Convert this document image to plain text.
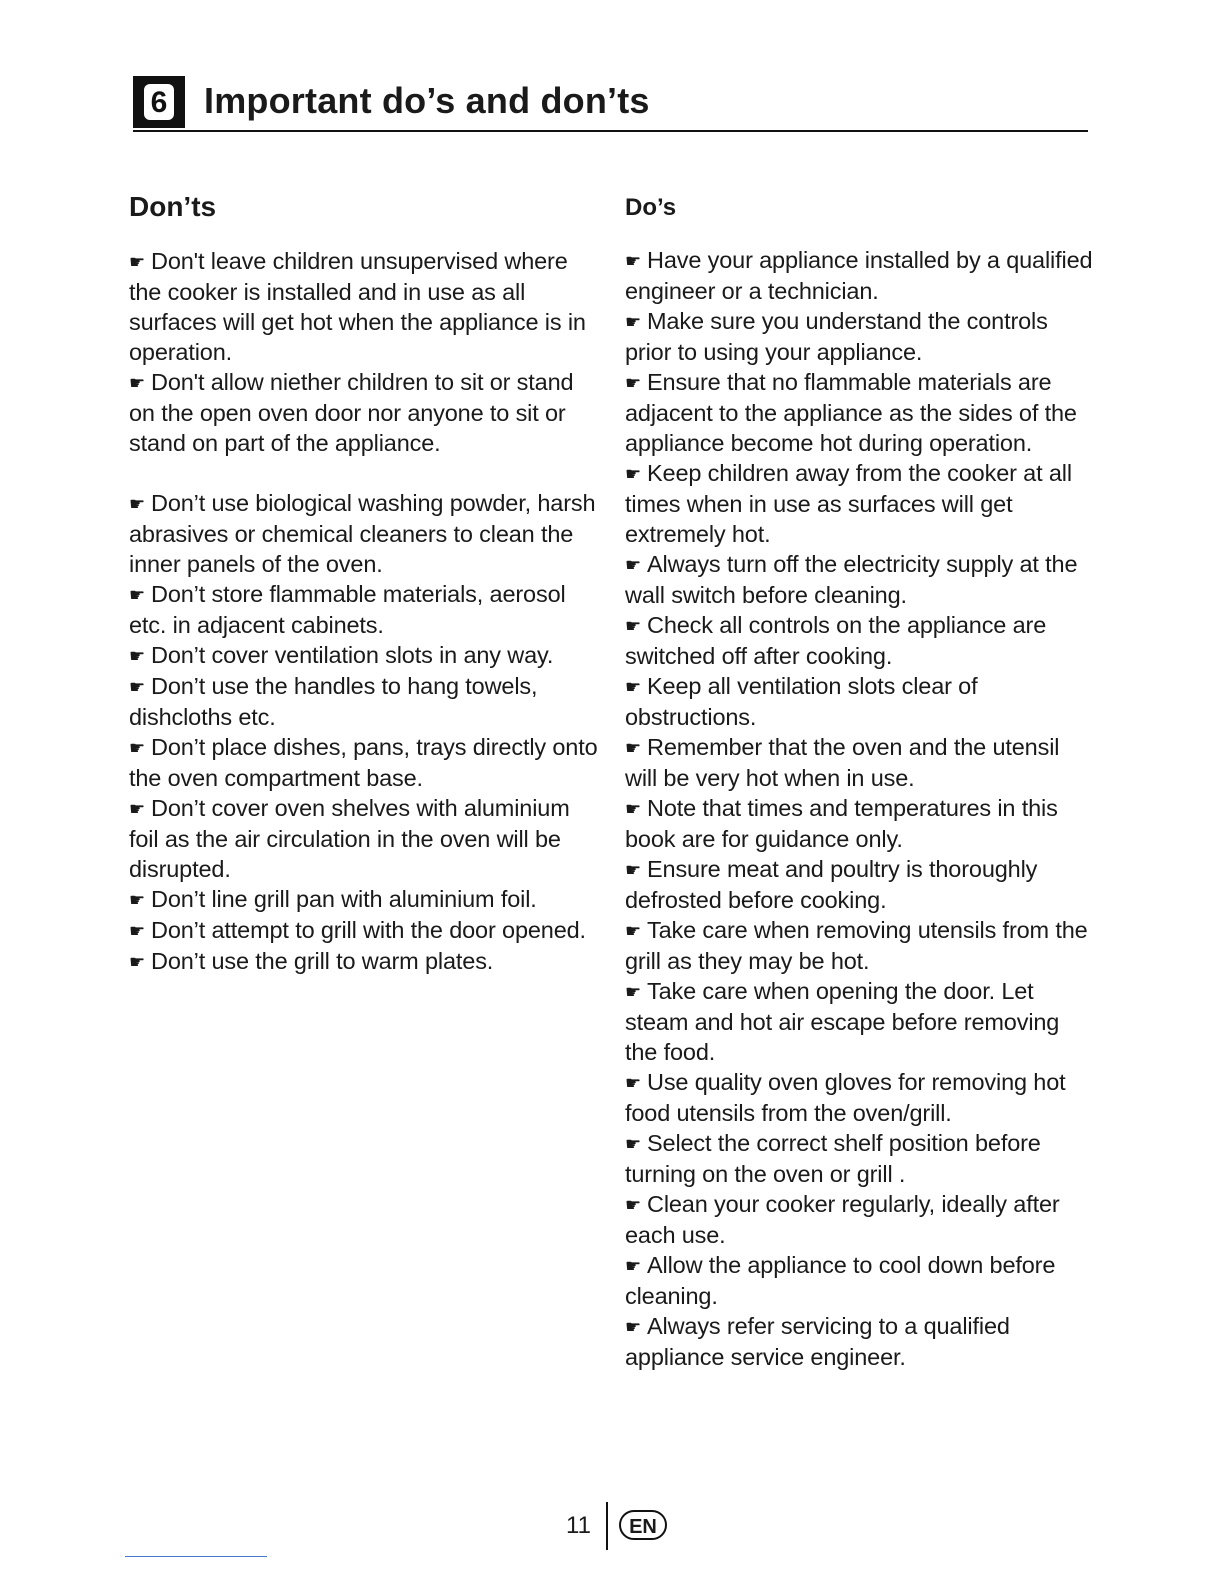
6	Important do’s and don’ts
Don’ts
☛ Don't leave children unsupervised where the cooker is installed and in use as all surfaces will get hot when the appliance is in operation.
☛ Don't allow niether children to sit or stand on the open oven door nor anyone to sit or stand on part of the appliance.
☛ Don’t use biological washing powder, harsh abrasives or chemical cleaners to clean the inner panels of the oven.
☛ Don’t store flammable materials, aerosol etc. in adjacent cabinets.
☛ Don’t cover ventilation slots in any way.
☛ Don’t use the handles to hang towels, dishcloths etc.
☛ Don’t place dishes, pans, trays directly onto the oven compartment base.
☛ Don’t cover oven shelves with aluminium foil as the air circulation in the oven will be disrupted.
☛ Don’t line grill pan with aluminium foil.
☛ Don’t attempt to grill with the door opened.
☛ Don’t use the grill to warm plates.
Do’s
☛ Have your appliance installed by a qualified engineer or a technician.
☛ Make sure you understand the controls prior to using your appliance.
☛ Ensure that no flammable materials are adjacent to the appliance as the sides of the appliance become hot during operation.
☛ Keep children away from the cooker at all times when in use as surfaces will get extremely hot.
☛ Always turn off the electricity supply at the wall switch before cleaning.
☛ Check all controls on the appliance are switched off after cooking.
☛ Keep all ventilation slots clear of obstructions.
☛ Remember that the oven and the utensil will be very hot when in use.
☛ Note that times and temperatures in this book are for guidance only.
☛ Ensure meat and poultry is thoroughly defrosted before cooking.
☛ Take care when removing utensils from the grill as they may be hot.
☛ Take care when opening the door. Let steam and hot air escape before removing the food.
☛ Use quality oven gloves for removing hot food utensils from the oven/grill.
☛ Select the correct shelf position before turning on the oven or grill .
☛ Clean your cooker regularly, ideally after each use.
☛ Allow the appliance to cool down before cleaning.
☛ Always refer servicing to a qualified appliance service engineer.
11	EN
